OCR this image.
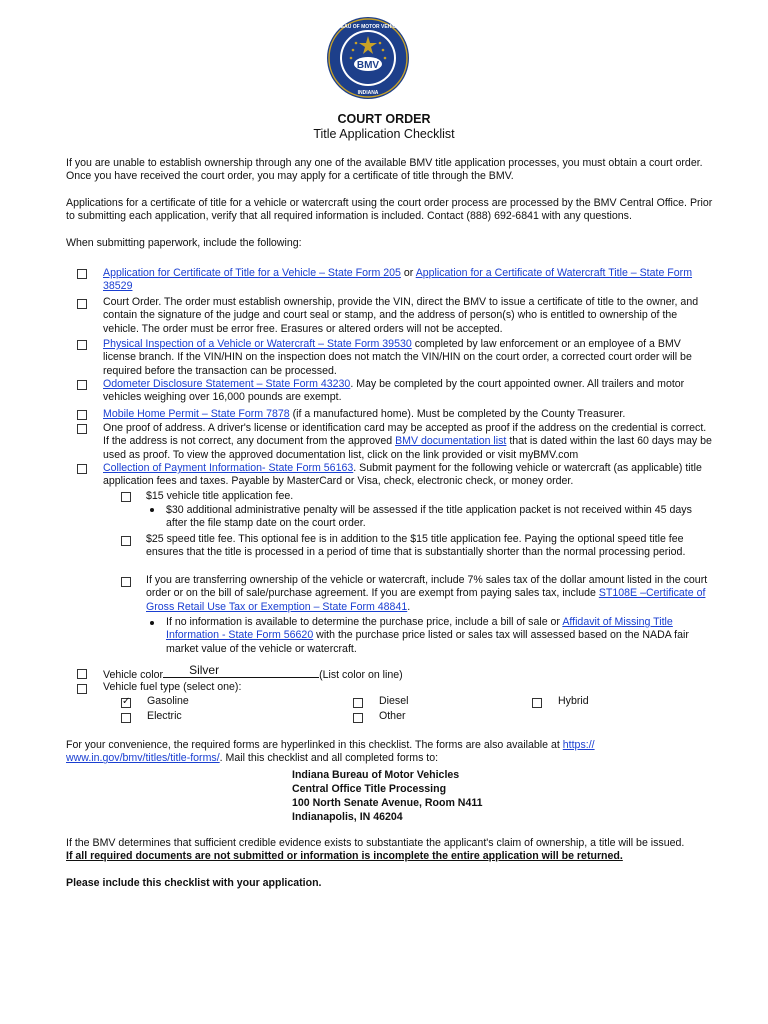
BMV
BUREAU OF MOTOR VEHICLES
INDIANA
COURT ORDER
Title Application Checklist
If you are unable to establish ownership through any one of the available BMV title application processes, you must obtain a court order. Once you have received the court order, you may apply for a certificate of title through the BMV.
Applications for a certificate of title for a vehicle or watercraft using the court order process are processed by the BMV Central Office. Prior to submitting each application, verify that all required information is included. Contact (888) 692-6841 with any questions.
When submitting paperwork, include the following:
Application for Certificate of Title for a Vehicle – State Form 205 or Application for a Certificate of Watercraft Title – State Form 38529
Court Order. The order must establish ownership, provide the VIN, direct the BMV to issue a certificate of title to the owner, and contain the signature of the judge and court seal or stamp, and the address of person(s) who is entitled to ownership of the vehicle. The order must be error free. Erasures or altered orders will not be accepted.
Physical Inspection of a Vehicle or Watercraft – State Form 39530 completed by law enforcement or an employee of a BMV license branch. If the VIN/HIN on the inspection does not match the VIN/HIN on the court order, a corrected court order will be required before the transaction can be processed.
Odometer Disclosure Statement – State Form 43230. May be completed by the court appointed owner. All trailers and motor vehicles weighing over 16,000 pounds are exempt.
Mobile Home Permit – State Form 7878 (if a manufactured home). Must be completed by the County Treasurer.
One proof of address. A driver's license or identification card may be accepted as proof if the address on the credential is correct. If the address is not correct, any document from the approved BMV documentation list that is dated within the last 60 days may be used as proof. To view the approved documentation list, click on the link provided or visit myBMV.com
Collection of Payment Information- State Form 56163. Submit payment for the following vehicle or watercraft (as applicable) title application fees and taxes. Payable by MasterCard or Visa, check, electronic check, or money order.
$15 vehicle title application fee.
$30 additional administrative penalty will be assessed if the title application packet is not received within 45 days after the file stamp date on the court order.
$25 speed title fee. This optional fee is in addition to the $15 title application fee. Paying the optional speed title fee ensures that the title is processed in a period of time that is substantially shorter than the normal processing period.
If you are transferring ownership of the vehicle or watercraft, include 7% sales tax of the dollar amount listed in the court order or on the bill of sale/purchase agreement. If you are exempt from paying sales tax, include ST108E –Certificate of Gross Retail Use Tax or Exemption – State Form 48841.
If no information is available to determine the purchase price, include a bill of sale or Affidavit of Missing Title Information - State Form 56620 with the purchase price listed or sales tax will assessed based on the NADA fair market value of the vehicle or watercraft.
Vehicle color Silver	(List color on line)
Vehicle fuel type (select one):
✓
Gasoline	Diesel	Hybrid
Electric	Other
For your convenience, the required forms are hyperlinked in this checklist. The forms are also available at https:// www.in.gov/bmv/titles/title-forms/. Mail this checklist and all completed forms to:
Indiana Bureau of Motor Vehicles
Central Office Title Processing
100 North Senate Avenue, Room N411
Indianapolis, IN 46204
If the BMV determines that sufficient credible evidence exists to substantiate the applicant's claim of ownership, a title will be issued.
If all required documents are not submitted or information is incomplete the entire application will be returned.
Please include this checklist with your application.
